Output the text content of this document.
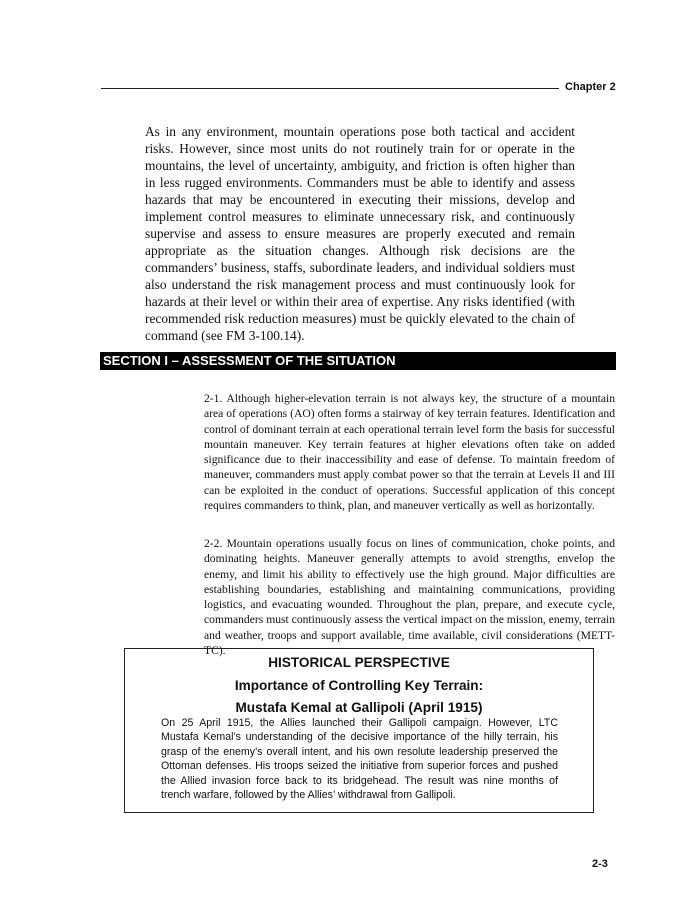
Chapter 2

As in any environment, mountain operations pose both tactical and accident risks. However, since most units do not routinely train for or operate in the mountains, the level of uncertainty, ambiguity, and friction is often higher than in less rugged environments. Commanders must be able to identify and assess hazards that may be encountered in executing their missions, develop and implement control measures to eliminate unnecessary risk, and continuously supervise and assess to ensure measures are properly executed and remain appropriate as the situation changes. Although risk decisions are the commanders’ business, staffs, subordinate leaders, and individual soldiers must also understand the risk management process and must continuously look for hazards at their level or within their area of expertise. Any risks identified (with recommended risk reduction measures) must be quickly elevated to the chain of command (see FM 3-100.14).

SECTION I – ASSESSMENT OF THE SITUATION

2-1. Although higher-elevation terrain is not always key, the structure of a mountain area of operations (AO) often forms a stairway of key terrain features. Identification and control of dominant terrain at each operational terrain level form the basis for successful mountain maneuver. Key terrain features at higher elevations often take on added significance due to their inaccessibility and ease of defense. To maintain freedom of maneuver, commanders must apply combat power so that the terrain at Levels II and III can be exploited in the conduct of operations. Successful application of this concept requires commanders to think, plan, and maneuver vertically as well as horizontally.

2-2. Mountain operations usually focus on lines of communication, choke points, and dominating heights. Maneuver generally attempts to avoid strengths, envelop the enemy, and limit his ability to effectively use the high ground. Major difficulties are establishing boundaries, establishing and maintaining communications, providing logistics, and evacuating wounded. Throughout the plan, prepare, and execute cycle, commanders must continuously assess the vertical impact on the mission, enemy, terrain and weather, troops and support available, time available, civil considerations (METT-TC).

HISTORICAL PERSPECTIVE
Importance of Controlling Key Terrain:
Mustafa Kemal at Gallipoli (April 1915)

On 25 April 1915, the Allies launched their Gallipoli campaign. However, LTC Mustafa Kemal’s understanding of the decisive importance of the hilly terrain, his grasp of the enemy’s overall intent, and his own resolute leadership preserved the Ottoman defenses. His troops seized the initiative from superior forces and pushed the Allied invasion force back to its bridgehead. The result was nine months of trench warfare, followed by the Allies’ withdrawal from Gallipoli.

2-3
